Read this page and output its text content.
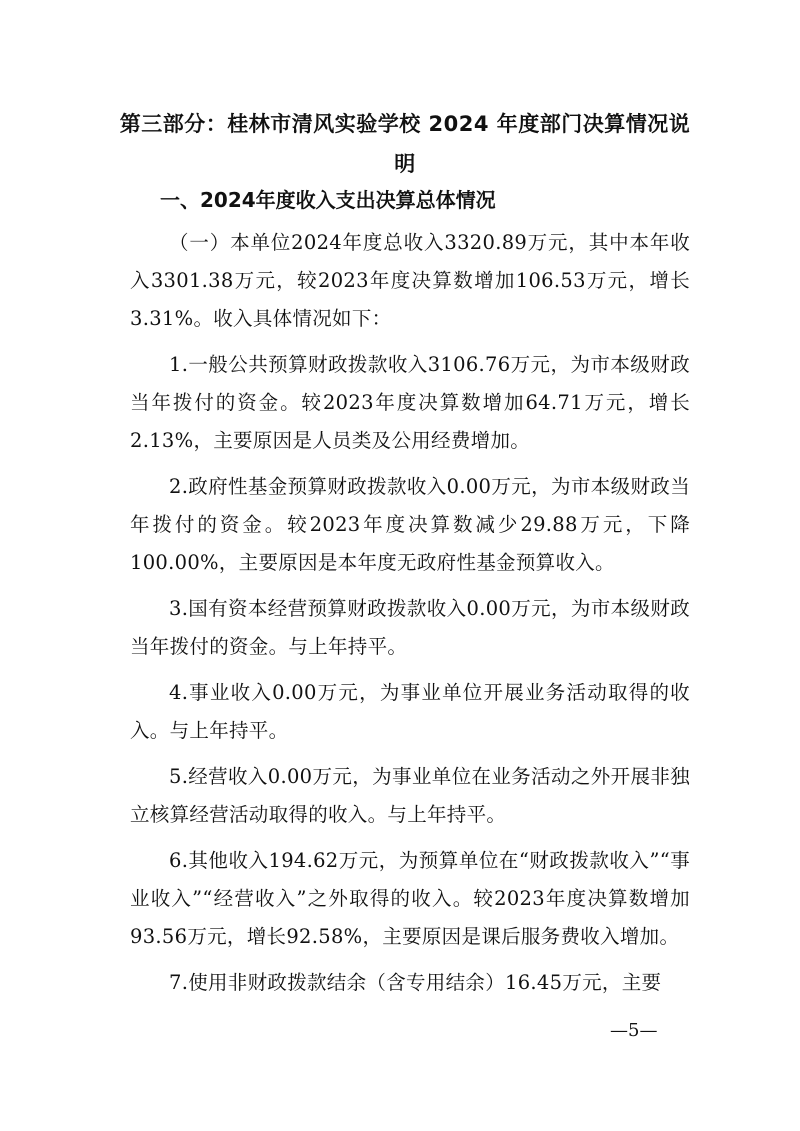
第三部分：桂林市清风实验学校 2024 年度部门决算情况说明
一、2024年度收入支出决算总体情况

（一）本单位2024年度总收入3320.89万元，其中本年收入3301.38万元，较2023年度决算数增加106.53万元，增长3.31%。收入具体情况如下：

1.一般公共预算财政拨款收入3106.76万元，为市本级财政当年拨付的资金。较2023年度决算数增加64.71万元，增长2.13%，主要原因是人员类及公用经费增加。

2.政府性基金预算财政拨款收入0.00万元，为市本级财政当年拨付的资金。较2023年度决算数减少29.88万元，下降100.00%，主要原因是本年度无政府性基金预算收入。

3.国有资本经营预算财政拨款收入0.00万元，为市本级财政当年拨付的资金。与上年持平。

4.事业收入0.00万元，为事业单位开展业务活动取得的收入。与上年持平。

5.经营收入0.00万元，为事业单位在业务活动之外开展非独立核算经营活动取得的收入。与上年持平。

6.其他收入194.62万元，为预算单位在“财政拨款收入”“事业收入”“经营收入”之外取得的收入。较2023年度决算数增加93.56万元，增长92.58%，主要原因是课后服务费收入增加。

7.使用非财政拨款结余（含专用结余）16.45万元，主要

—5—
